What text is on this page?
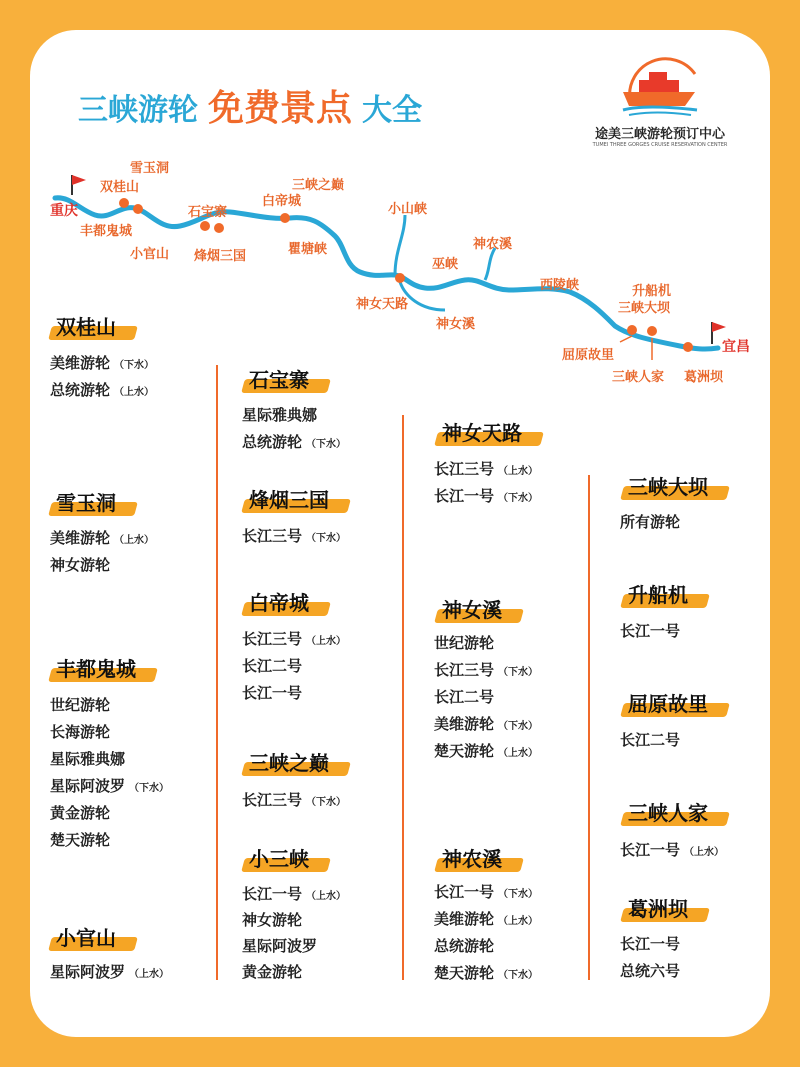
三峡游轮 免费景点 大全
途美三峡游轮预订中心
TUMEI THREE GORGES CRUISE RESERVATION CENTER
重庆
宜昌
雪玉洞
双桂山
丰都鬼城
小官山
石宝寨
烽烟三国
白帝城
三峡之巅
瞿塘峡
小山峡
巫峡
神农溪
神女天路
神女溪
西陵峡	升船机
三峡大坝
屈原故里
三峡人家 葛洲坝
双桂山
美维游轮 （下水）
总统游轮 （上水）
雪玉洞
美维游轮 （上水）
神女游轮
丰都鬼城
世纪游轮
长海游轮
星际雅典娜
星际阿波罗 （下水）
黄金游轮
楚天游轮
小官山
星际阿波罗 （上水）
石宝寨
星际雅典娜
总统游轮 （下水）
烽烟三国
长江三号 （下水）
白帝城
长江三号 （上水）
长江二号
长江一号
三峡之巅
长江三号 （下水）
小三峡
长江一号 （上水）
神女游轮
星际阿波罗
黄金游轮
神女天路
长江三号 （上水）
长江一号 （下水）
神女溪
世纪游轮
长江三号 （下水）
长江二号
美维游轮 （下水）
楚天游轮 （上水）
神农溪
长江一号 （下水）
美维游轮 （上水）
总统游轮
楚天游轮 （下水）
三峡大坝
所有游轮
升船机
长江一号
屈原故里
长江二号
三峡人家
长江一号 （上水）
葛洲坝
长江一号
总统六号
